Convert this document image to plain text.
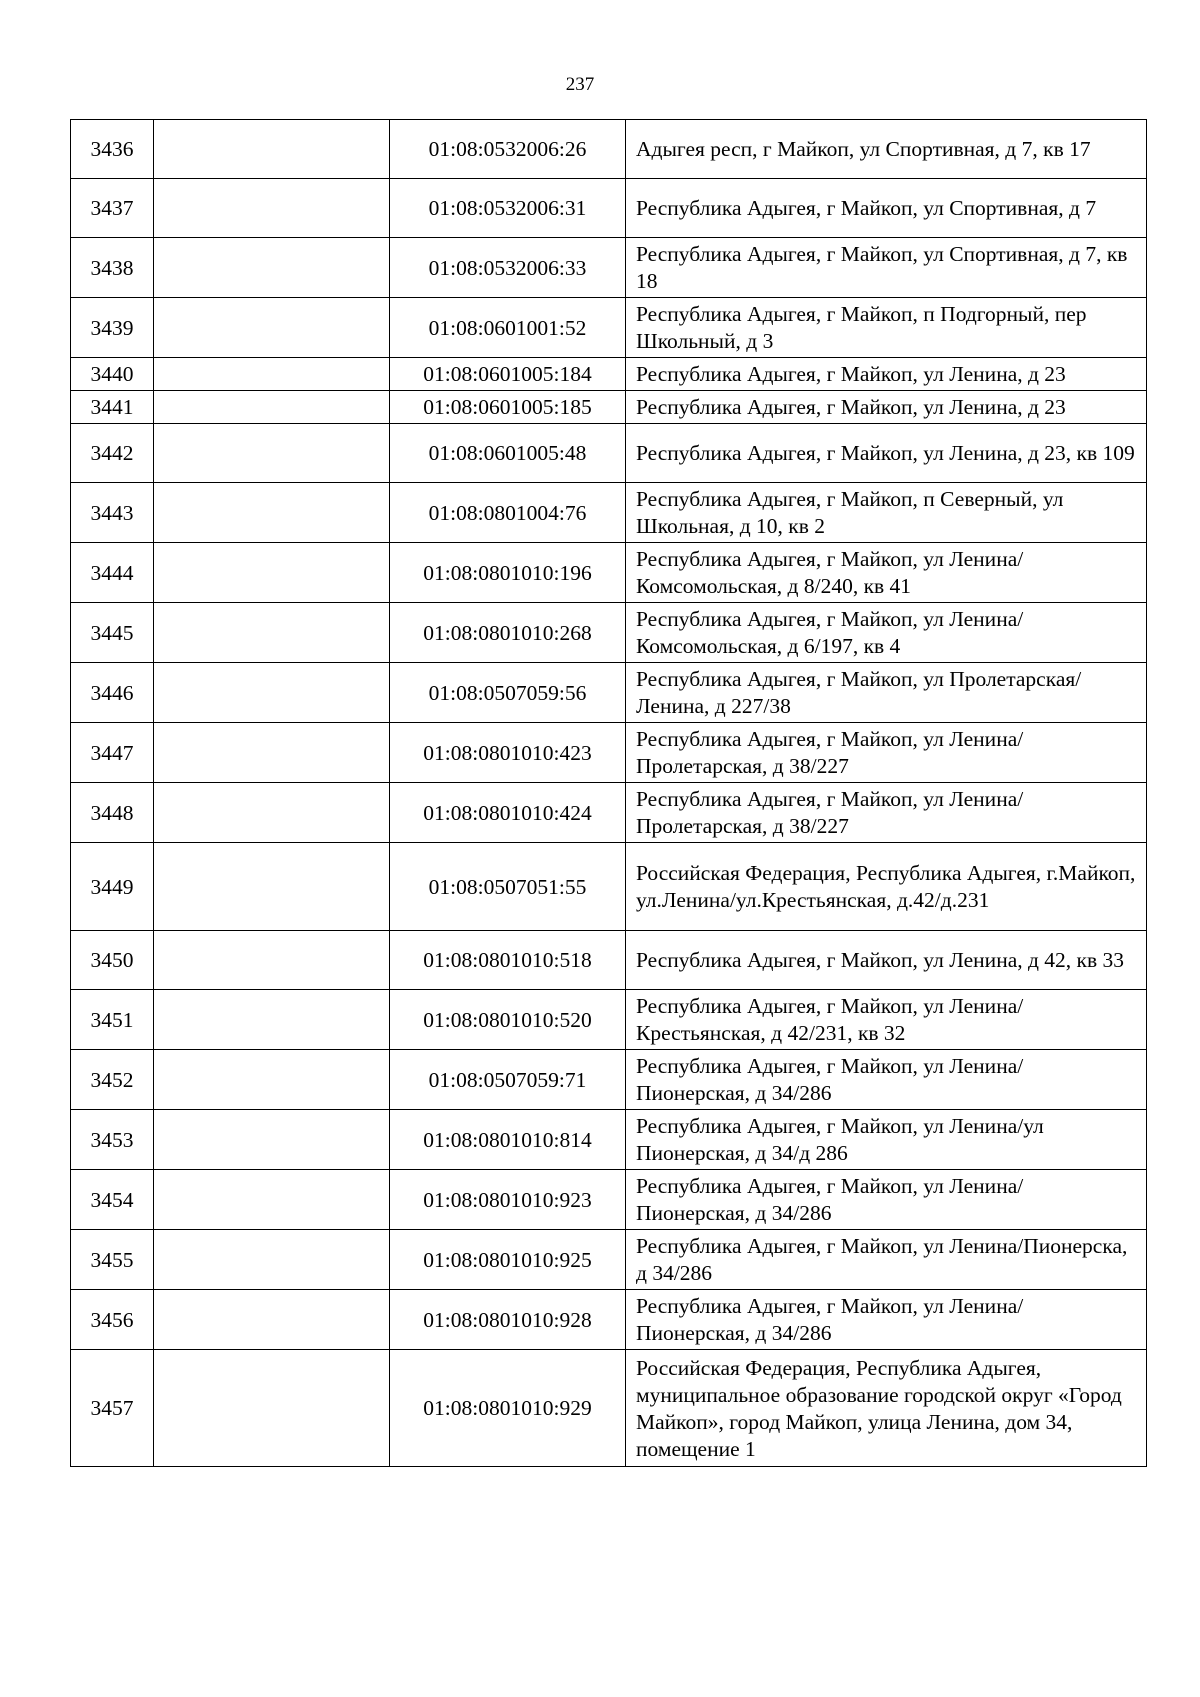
237
3436		01:08:0532006:26	Адыгея респ, г Майкоп, ул Спортивная, д 7, кв 17
3437		01:08:0532006:31	Республика Адыгея, г Майкоп, ул Спортивная, д 7
3438		01:08:0532006:33	Республика Адыгея, г Майкоп, ул Спортивная, д 7, кв 18
3439		01:08:0601001:52	Республика Адыгея, г Майкоп, п Подгорный, пер Школьный, д 3
3440		01:08:0601005:184	Республика Адыгея, г Майкоп, ул Ленина, д 23
3441		01:08:0601005:185	Республика Адыгея, г Майкоп, ул Ленина, д 23
3442		01:08:0601005:48	Республика Адыгея, г Майкоп, ул Ленина, д 23, кв 109
3443		01:08:0801004:76	Республика Адыгея, г Майкоп, п Северный, ул Школьная, д 10, кв 2
3444		01:08:0801010:196	Республика Адыгея, г Майкоп, ул Ленина/Комсомольская, д 8/240, кв 41
3445		01:08:0801010:268	Республика Адыгея, г Майкоп, ул Ленина/Комсомольская, д 6/197, кв 4
3446		01:08:0507059:56	Республика Адыгея, г Майкоп, ул Пролетарская/Ленина, д 227/38
3447		01:08:0801010:423	Республика Адыгея, г Майкоп, ул Ленина/Пролетарская, д 38/227
3448		01:08:0801010:424	Республика Адыгея, г Майкоп, ул Ленина/Пролетарская, д 38/227
3449		01:08:0507051:55	Российская Федерация, Республика Адыгея, г.Майкоп, ул.Ленина/ул.Крестьянская, д.42/д.231
3450		01:08:0801010:518	Республика Адыгея, г Майкоп, ул Ленина, д 42, кв 33
3451		01:08:0801010:520	Республика Адыгея, г Майкоп, ул Ленина/Крестьянская, д 42/231, кв 32
3452		01:08:0507059:71	Республика Адыгея, г Майкоп, ул Ленина/Пионерская, д 34/286
3453		01:08:0801010:814	Республика Адыгея, г Майкоп, ул Ленина/ул Пионерская, д 34/д 286
3454		01:08:0801010:923	Республика Адыгея, г Майкоп, ул Ленина/Пионерская, д 34/286
3455		01:08:0801010:925	Республика Адыгея, г Майкоп, ул Ленина/Пионерска, д 34/286
3456		01:08:0801010:928	Республика Адыгея, г Майкоп, ул Ленина/Пионерская, д 34/286
3457		01:08:0801010:929	Российская Федерация, Республика Адыгея, муниципальное образование городской округ «Город Майкоп», город Майкоп, улица Ленина, дом 34, помещение 1
